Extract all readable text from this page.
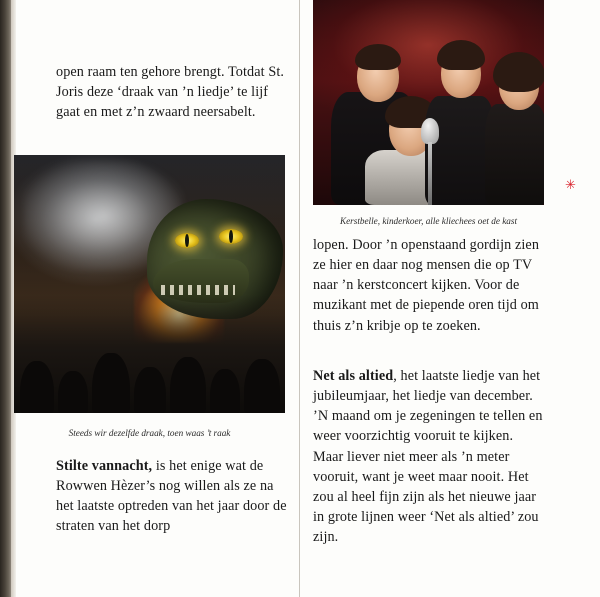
open raam ten gehore brengt. Totdat St. Joris deze ‘draak van ’n liedje’ te lijf gaat en met z’n zwaard neersabelt.

Steeds wir dezelfde draak, toen waas ’t raak

Stilte vannacht, is het enige wat de Rowwen Hèzer’s nog willen als ze na het laatste optreden van het jaar door de straten van het dorp

Kerstbelle, kinderkoer, alle kliechees oet de kast

lopen. Door ’n openstaand gordijn zien ze hier en daar nog mensen die op TV naar ’n kerstconcert kijken. Voor de muzikant met de piepende oren tijd om thuis z’n kribje op te zoeken.

Net als altied, het laatste liedje van het jubileumjaar, het liedje van december. ’N maand om je zegeningen te tellen en weer voorzichtig vooruit te kijken. Maar liever niet meer als ’n meter vooruit, want je weet maar nooit. Het zou al heel fijn zijn als het nieuwe jaar in grote lijnen weer ‘Net als altied’ zou zijn.

✳
